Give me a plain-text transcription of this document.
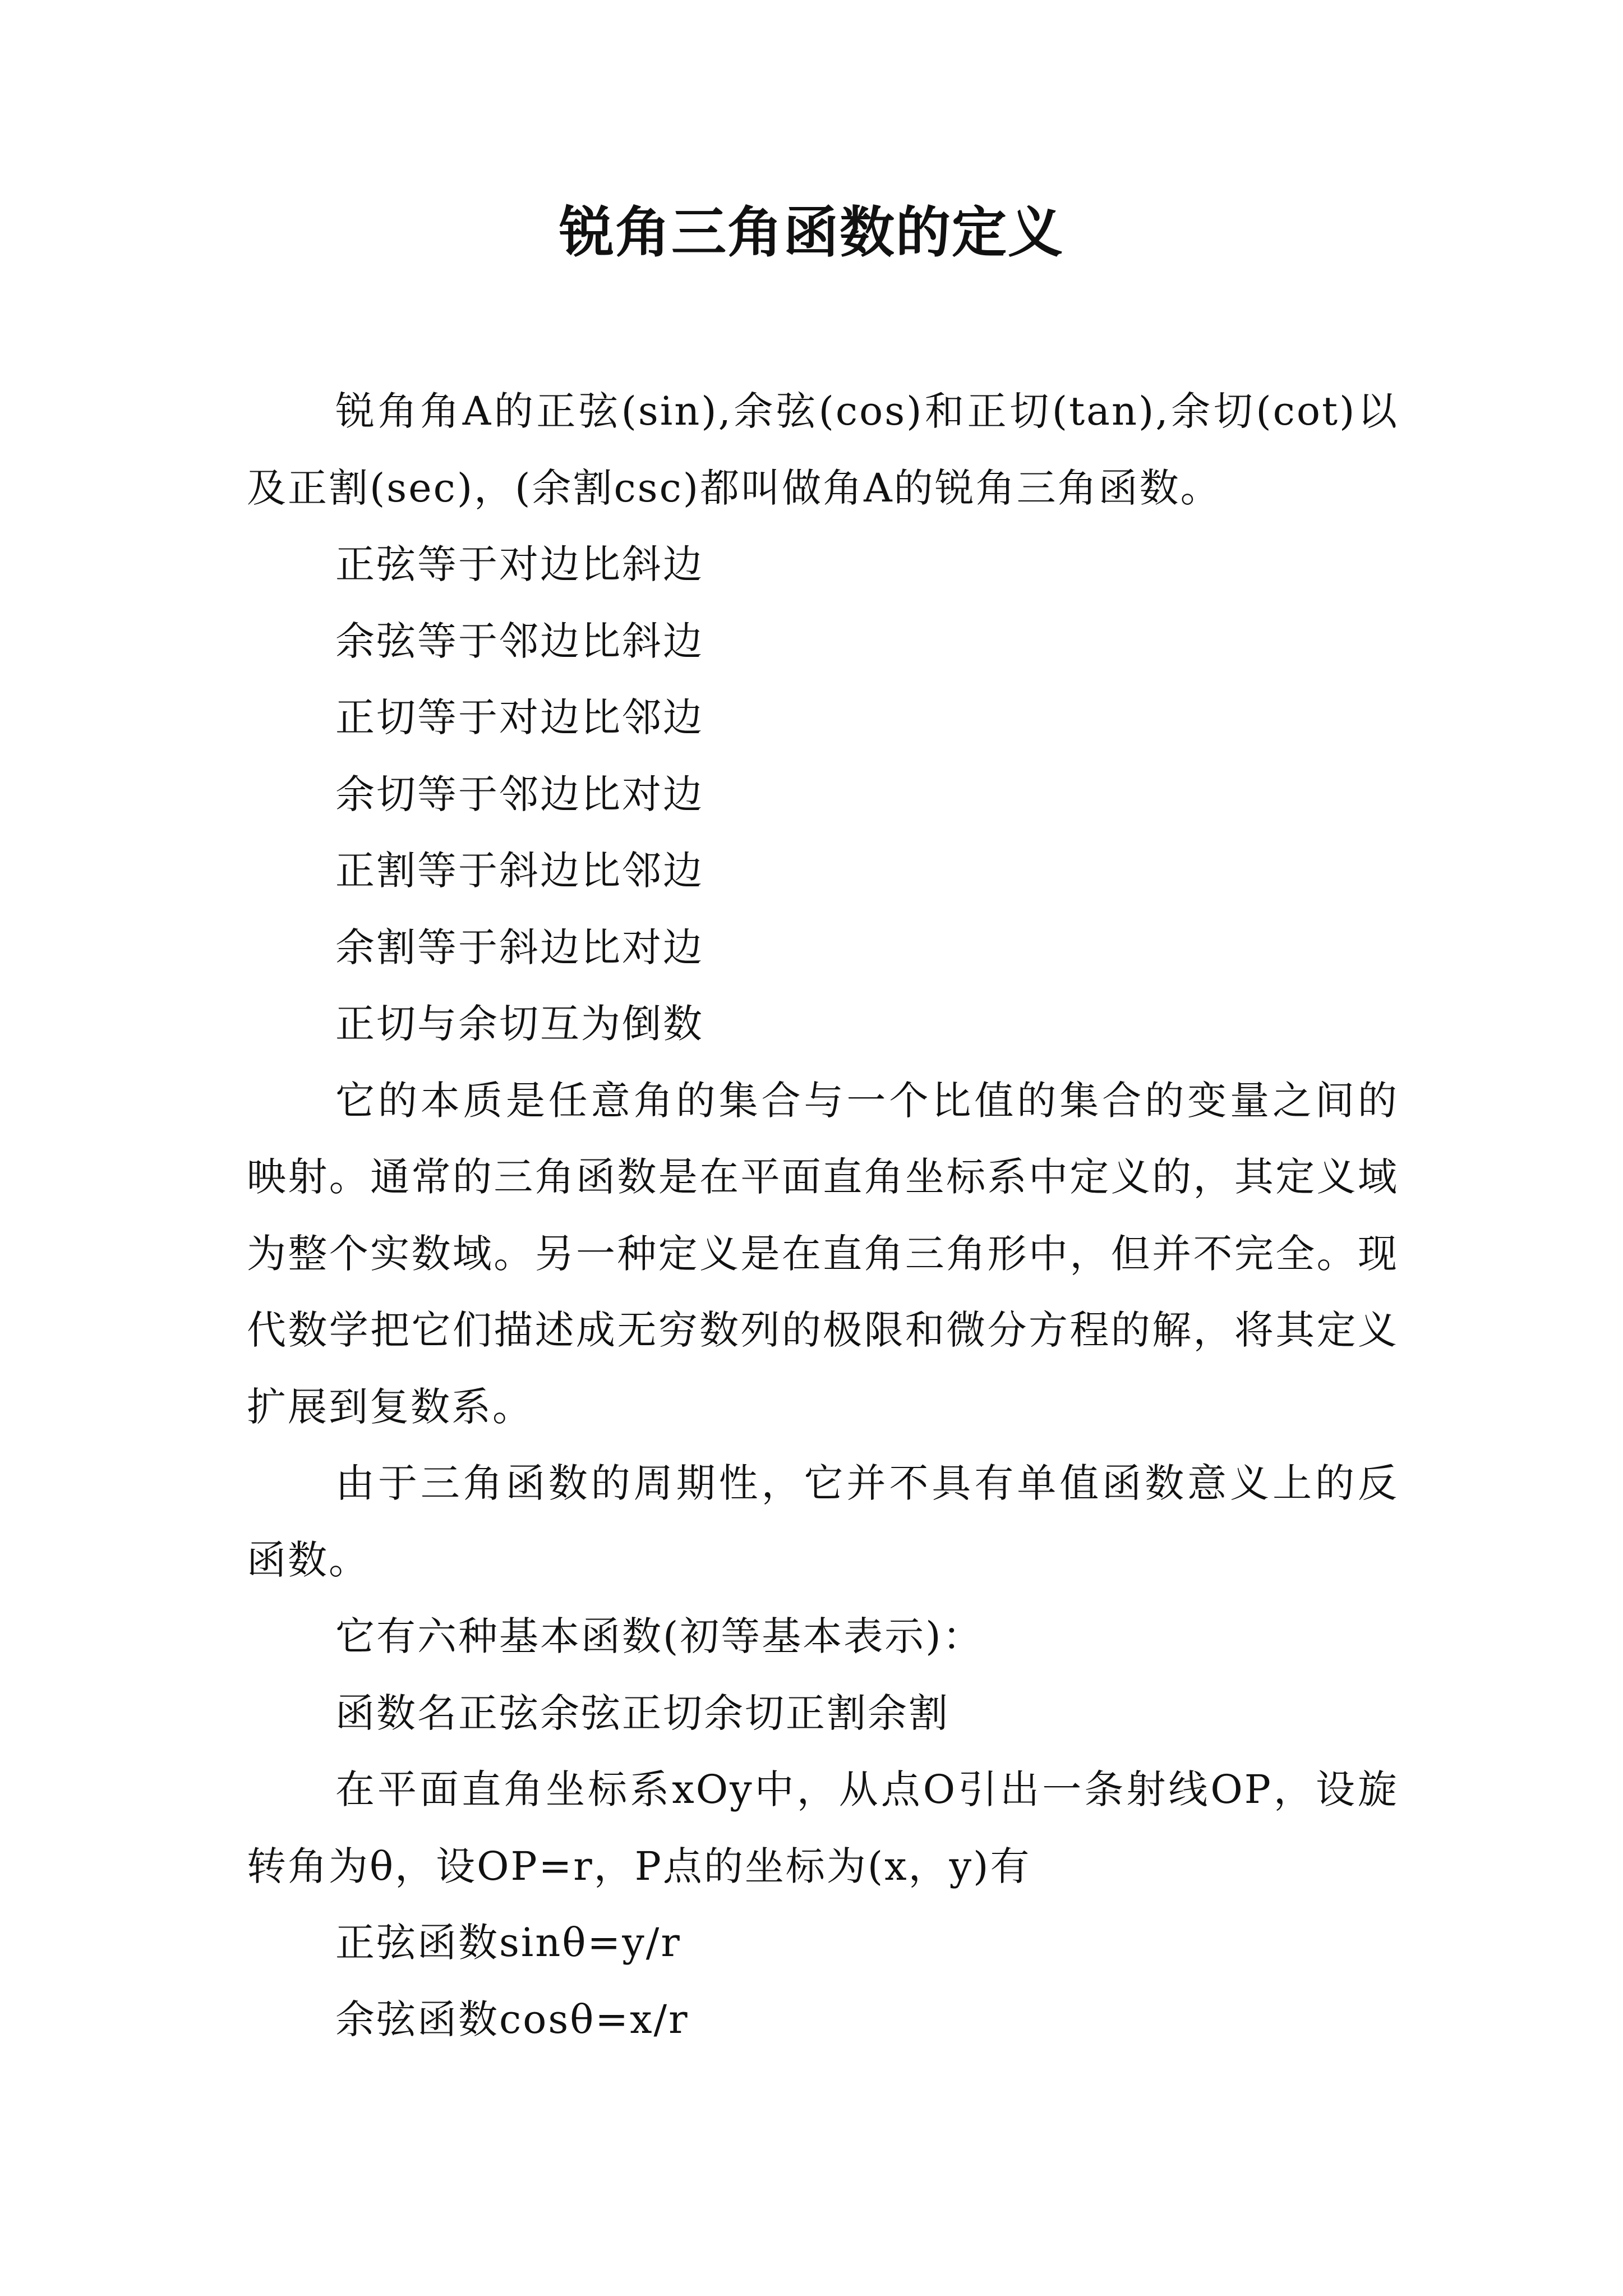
锐角三角函数的定义

锐角角A的正弦(sin),余弦(cos)和正切(tan),余切(cot)以及正割(sec)，(余割csc)都叫做角A的锐角三角函数。

正弦等于对边比斜边

余弦等于邻边比斜边

正切等于对边比邻边

余切等于邻边比对边

正割等于斜边比邻边

余割等于斜边比对边

正切与余切互为倒数

它的本质是任意角的集合与一个比值的集合的变量之间的映射。通常的三角函数是在平面直角坐标系中定义的，其定义域为整个实数域。另一种定义是在直角三角形中，但并不完全。现代数学把它们描述成无穷数列的极限和微分方程的解，将其定义扩展到复数系。

由于三角函数的周期性，它并不具有单值函数意义上的反函数。

它有六种基本函数(初等基本表示)：

函数名正弦余弦正切余切正割余割

在平面直角坐标系xOy中，从点O引出一条射线OP，设旋转角为θ，设OP=r，P点的坐标为(x，y)有

正弦函数sinθ=y/r

余弦函数cosθ=x/r
